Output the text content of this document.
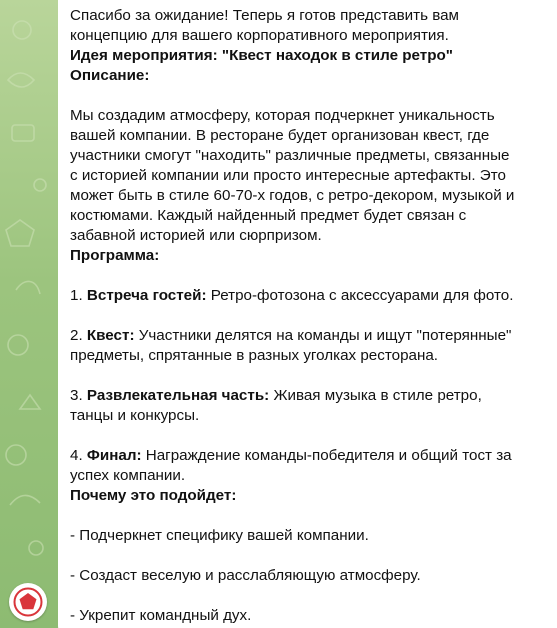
Спасибо за ожидание! Теперь я готов представить вам
концепцию для вашего корпоративного мероприятия.
Идея мероприятия: "Квест находок в стиле ретро"
Описание:
Мы создадим атмосферу, которая подчеркнет уникальность
вашей компании. В ресторане будет организован квест, где
участники смогут "находить" различные предметы, связанные
с историей компании или просто интересные артефакты. Это
может быть в стиле 60-70-х годов, с ретро-декором, музыкой и
костюмами. Каждый найденный предмет будет связан с
забавной историей или сюрпризом.
Программа:
1. Встреча гостей: Ретро-фотозона с аксессуарами для фото.
2. Квест: Участники делятся на команды и ищут "потерянные"
предметы, спрятанные в разных уголках ресторана.
3. Развлекательная часть: Живая музыка в стиле ретро,
танцы и конкурсы.
4. Финал: Награждение команды-победителя и общий тост за
успех компании.
Почему это подойдет:
- Подчеркнет специфику вашей компании.
- Создаст веселую и расслабляющую атмосферу.
- Укрепит командный дух.
